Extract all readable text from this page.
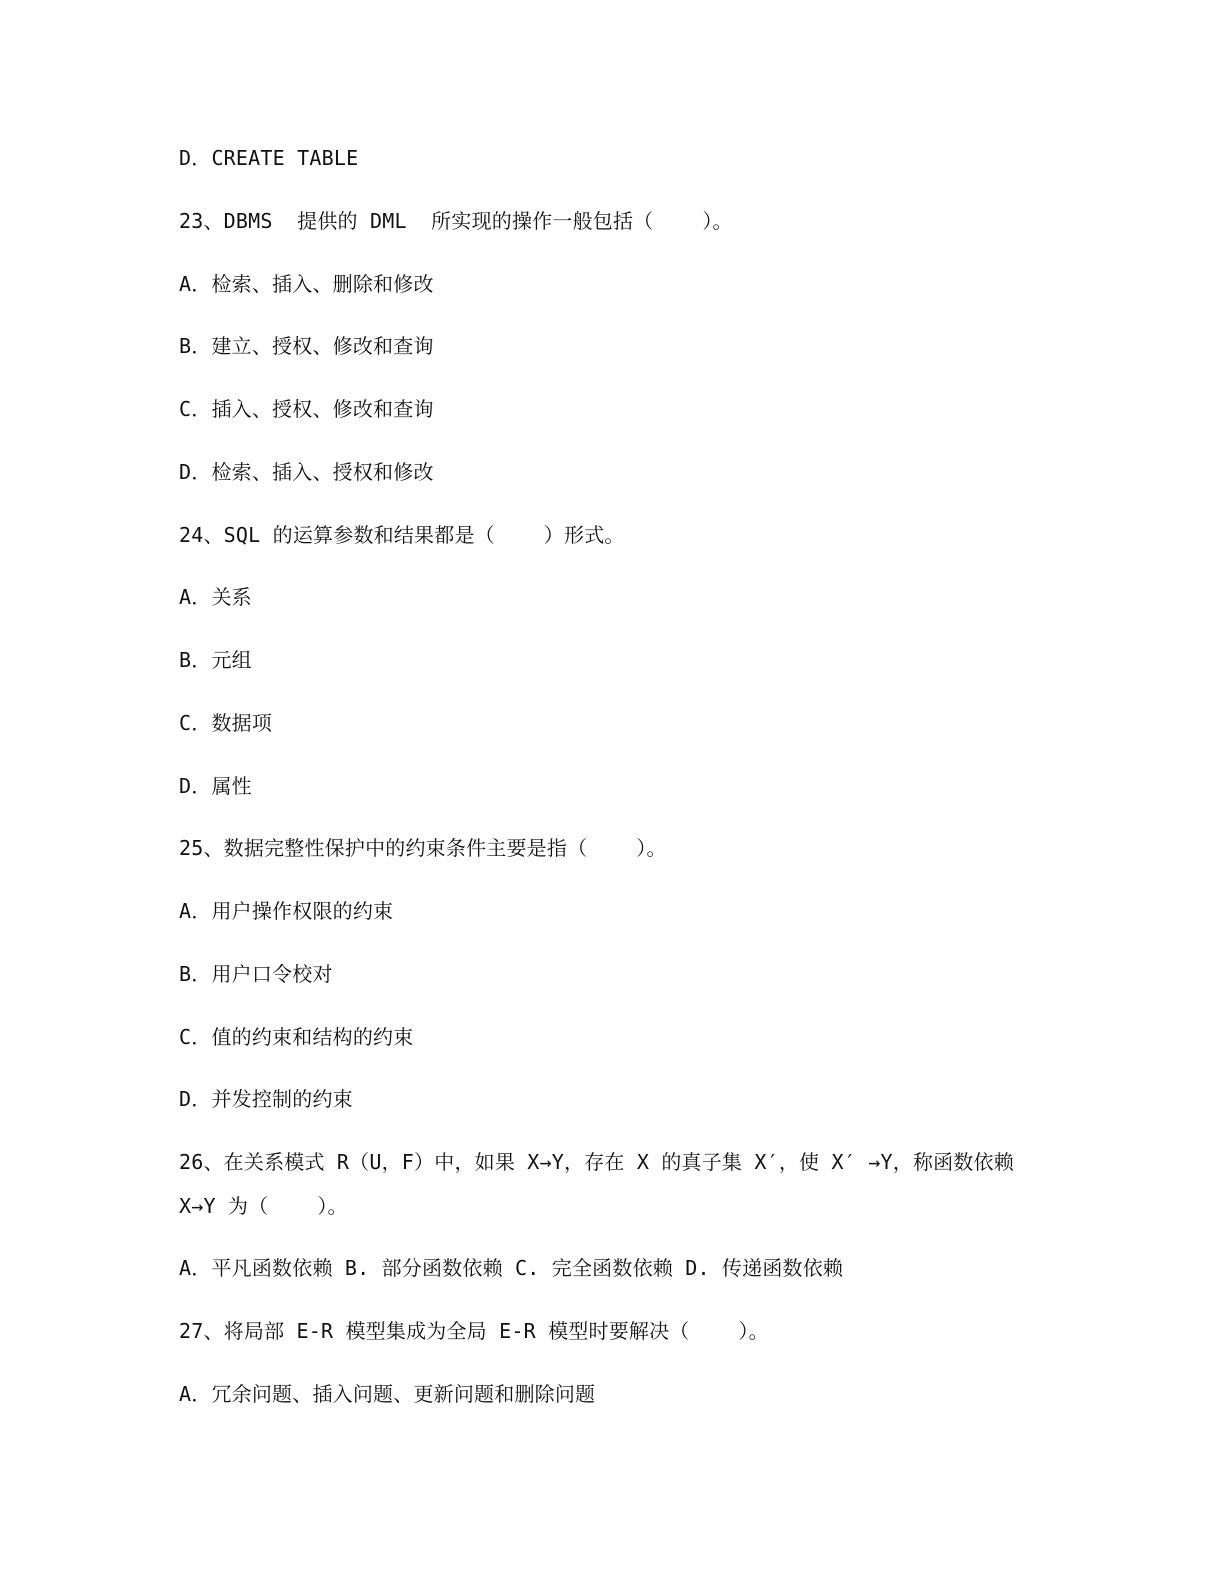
D．CREATE TABLE
23、DBMS  提供的 DML  所实现的操作一般包括（    ）。
A．检索、插入、删除和修改
B．建立、授权、修改和查询
C．插入、授权、修改和查询
D．检索、插入、授权和修改
24、SQL 的运算参数和结果都是（    ）形式。
A．关系
B．元组
C．数据项
D．属性
25、数据完整性保护中的约束条件主要是指（    ）。
A．用户操作权限的约束
B．用户口令校对
C．值的约束和结构的约束
D．并发控制的约束
26、在关系模式 R（U，F）中，如果 X→Y，存在 X 的真子集 X′，使 X′ →Y，称函数依赖
X→Y 为（    ）。
A．平凡函数依赖 B. 部分函数依赖 C. 完全函数依赖 D. 传递函数依赖
27、将局部 E-R 模型集成为全局 E-R 模型时要解决（    ）。
A．冗余问题、插入问题、更新问题和删除问题
